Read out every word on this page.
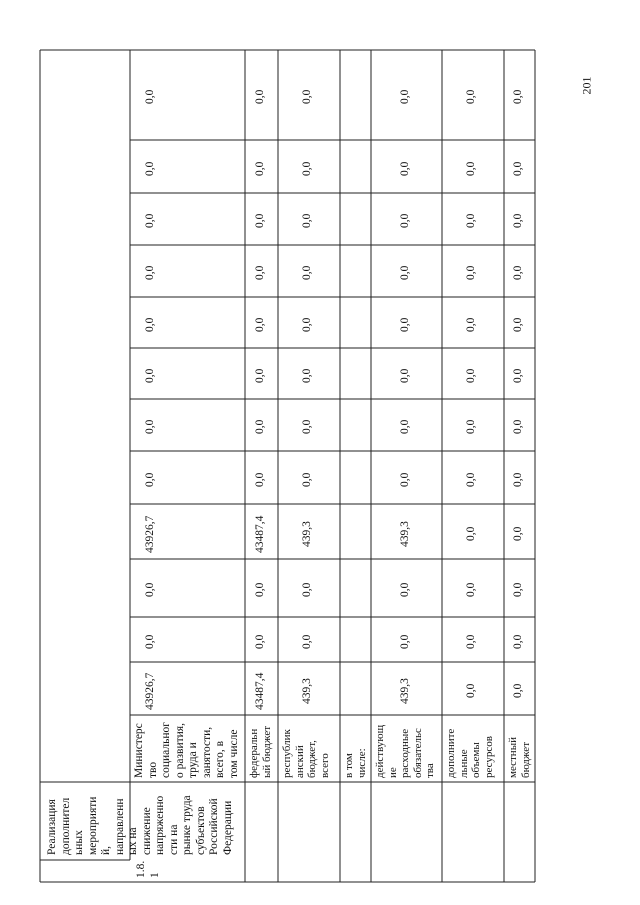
201
1.8.
1
Реализация
дополнител
ьных
мероприяти
й,
направленн
ых на
снижение
напряженно
сти на
рынке труда
субъектов
Российской
Федерации
Министерс
тво
социальног
о развития,
труда и
занятости,
всего, в
том числе федеральн
ый бюджет республик
анский
бюджет,
всего в том
числе: действующ
ие
расходные
обязательс
тва дополните
льные
объемы
ресурсов местный
бюджет
43926,7
0,0
0,0
43926,7
0,0
0,0
0,0
0,0
0,0
0,0
0,0
0,0
43487,4
0,0
0,0
43487,4
0,0
0,0
0,0
0,0
0,0
0,0
0,0
0,0
439,3
0,0
0,0
439,3
0,0
0,0
0,0
0,0
0,0
0,0
0,0
0,0
439,3
0,0
0,0
439,3
0,0
0,0
0,0
0,0
0,0
0,0
0,0
0,0
0,0
0,0
0,0
0,0
0,0
0,0
0,0
0,0
0,0
0,0
0,0
0,0
0,0
0,0
0,0
0,0
0,0
0,0
0,0
0,0
0,0
0,0
0,0
0,0
